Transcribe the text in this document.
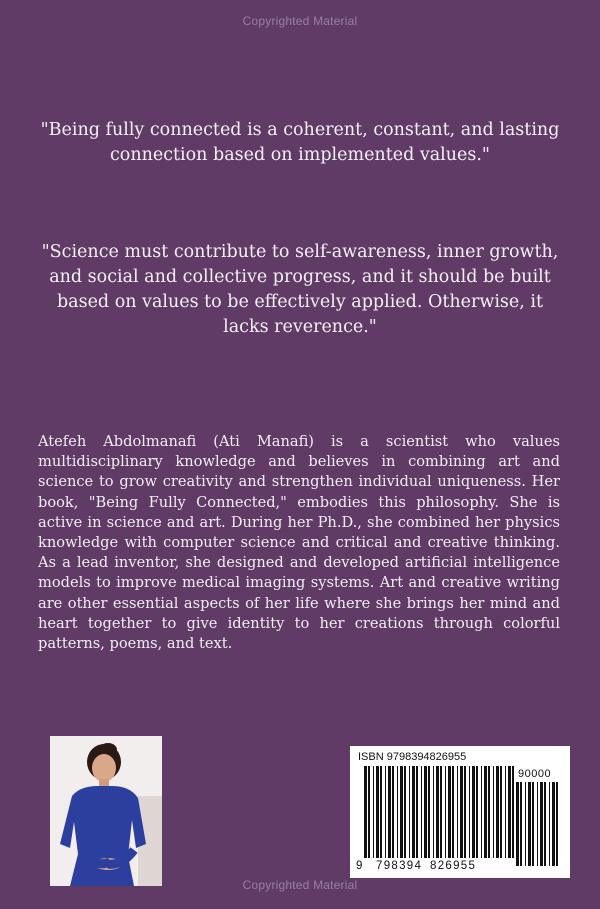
Copyrighted Material
"Being fully connected is a coherent, constant, and lasting connection based on implemented values."
"Science must contribute to self-awareness, inner growth, and social and collective progress, and it should be built based on values to be effectively applied. Otherwise, it lacks reverence."
Atefeh Abdolmanafi (Ati Manafi) is a scientist who values multidisciplinary knowledge and believes in combining art and science to grow creativity and strengthen individual uniqueness. Her book, "Being Fully Connected," embodies this philosophy. She is active in science and art. During her Ph.D., she combined her physics knowledge with computer science and critical and creative thinking. As a lead inventor, she designed and developed artificial intelligence models to improve medical imaging systems. Art and creative writing are other essential aspects of her life where she brings her mind and heart together to give identity to her creations through colorful patterns, poems, and text.
ISBN 9798394826955
90000
9 798394 826955
Copyrighted Material
